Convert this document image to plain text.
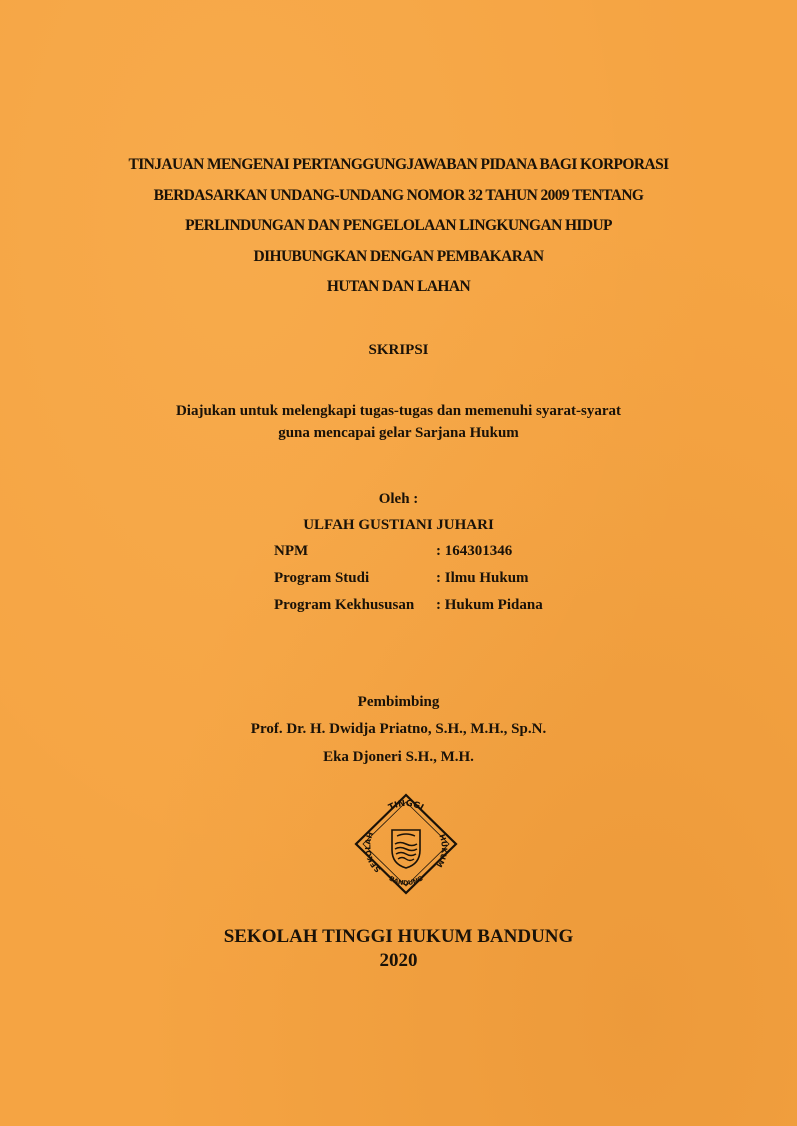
TINJAUAN MENGENAI PERTANGGUNGJAWABAN PIDANA BAGI KORPORASI
BERDASARKAN UNDANG-UNDANG NOMOR 32 TAHUN 2009 TENTANG
PERLINDUNGAN DAN PENGELOLAAN LINGKUNGAN HIDUP
DIHUBUNGKAN DENGAN PEMBAKARAN
HUTAN DAN LAHAN
SKRIPSI
Diajukan untuk melengkapi tugas-tugas dan memenuhi syarat-syarat
guna mencapai gelar Sarjana Hukum
Oleh :
ULFAH GUSTIANI JUHARI
NPM	: 164301346
Program Studi	: Ilmu Hukum
Program Kekhususan	: Hukum Pidana
Pembimbing
Prof. Dr. H. Dwidja Priatno, S.H., M.H., Sp.N.
Eka Djoneri S.H., M.H.
TINGGI
SEKOLAH	HUKUM
BANDUNG
SEKOLAH TINGGI HUKUM BANDUNG
2020
